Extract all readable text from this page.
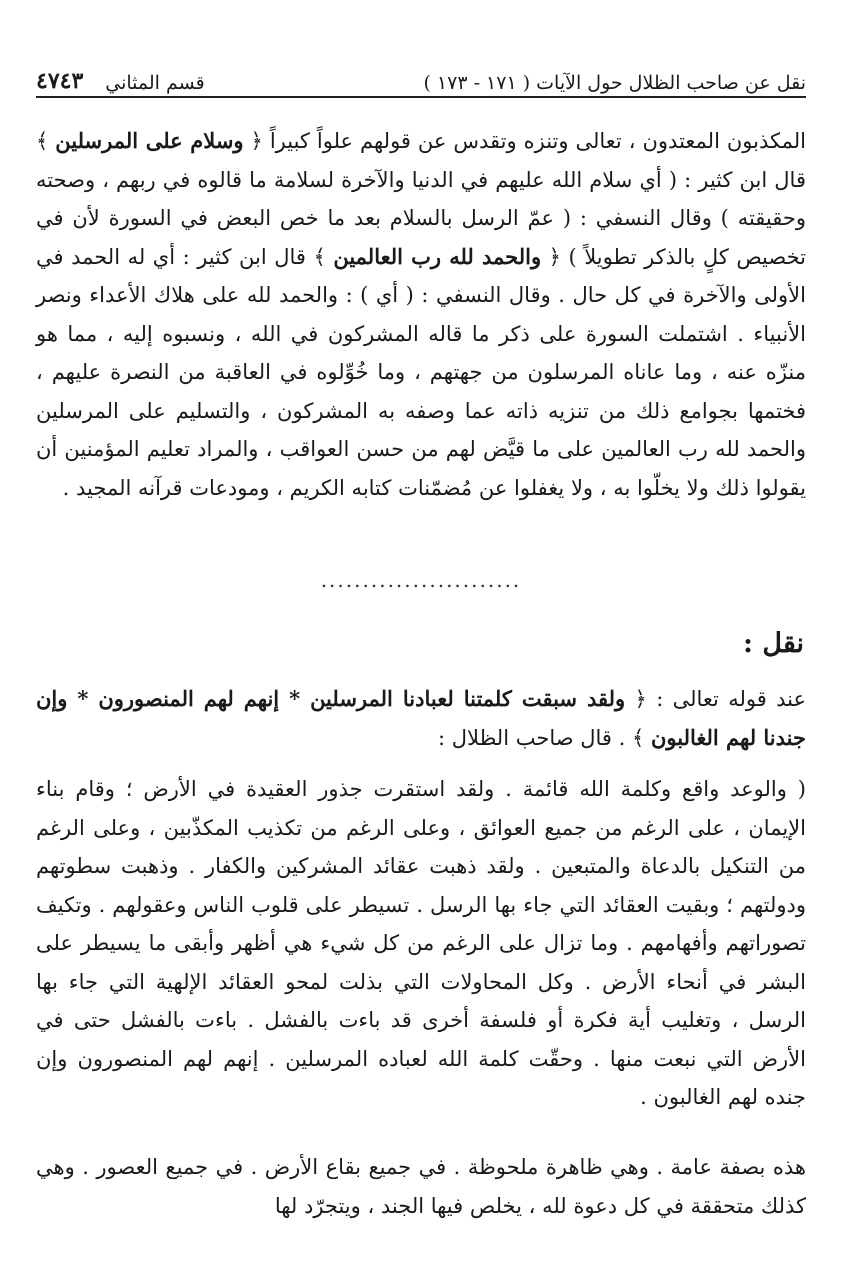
نقل عن صاحب الظلال حول الآيات ( ١٧١ - ١٧٣ )
قسم المثاني
٤٧٤٣
المكذبون المعتدون ، تعالى وتنزه وتقدس عن قولهم علواً كبيراً ﴿ وسلام على المرسلين ﴾ قال ابن كثير : ( أي سلام الله عليهم في الدنيا والآخرة لسلامة ما قالوه في ربهم ، وصحته وحقيقته ) وقال النسفي : ( عمّ الرسل بالسلام بعد ما خص البعض في السورة لأن في تخصيص كلٍ بالذكر تطويلاً ) ﴿ والحمد لله رب العالمين ﴾ قال ابن كثير : أي له الحمد في الأولى والآخرة في كل حال . وقال النسفي : ( أي ) : والحمد لله على هلاك الأعداء ونصر الأنبياء . اشتملت السورة على ذكر ما قاله المشركون في الله ، ونسبوه إليه ، مما هو منزّه عنه ، وما عاناه المرسلون من جهتهم ، وما خُوِّلوه في العاقبة من النصرة عليهم ، فختمها بجوامع ذلك من تنزيه ذاته عما وصفه به المشركون ، والتسليم على المرسلين والحمد لله رب العالمين على ما قيَّض لهم من حسن العواقب ، والمراد تعليم المؤمنين أن يقولوا ذلك ولا يخلّوا به ، ولا يغفلوا عن مُضمّنات كتابه الكريم ، ومودعات قرآنه المجيد .
........................
نقل :
عند قوله تعالى : ﴿ ولقد سبقت كلمتنا لعبادنا المرسلين * إنهم لهم المنصورون * وإن جندنا لهم الغالبون ﴾ . قال صاحب الظلال :
( والوعد واقع وكلمة الله قائمة . ولقد استقرت جذور العقيدة في الأرض ؛ وقام بناء الإيمان ، على الرغم من جميع العوائق ، وعلى الرغم من تكذيب المكذّبين ، وعلى الرغم من التنكيل بالدعاة والمتبعين . ولقد ذهبت عقائد المشركين والكفار . وذهبت سطوتهم ودولتهم ؛ وبقيت العقائد التي جاء بها الرسل . تسيطر على قلوب الناس وعقولهم . وتكيف تصوراتهم وأفهامهم . وما تزال على الرغم من كل شيء هي أظهر وأبقى ما يسيطر على البشر في أنحاء الأرض . وكل المحاولات التي بذلت لمحو العقائد الإلهية التي جاء بها الرسل ، وتغليب أية فكرة أو فلسفة أخرى قد باءت بالفشل . باءت بالفشل حتى في الأرض التي نبعت منها . وحقّت كلمة الله لعباده المرسلين . إنهم لهم المنصورون وإن جنده لهم الغالبون .
هذه بصفة عامة . وهي ظاهرة ملحوظة . في جميع بقاع الأرض . في جميع العصور . وهي كذلك متحققة في كل دعوة لله ، يخلص فيها الجند ، ويتجرّد لها
